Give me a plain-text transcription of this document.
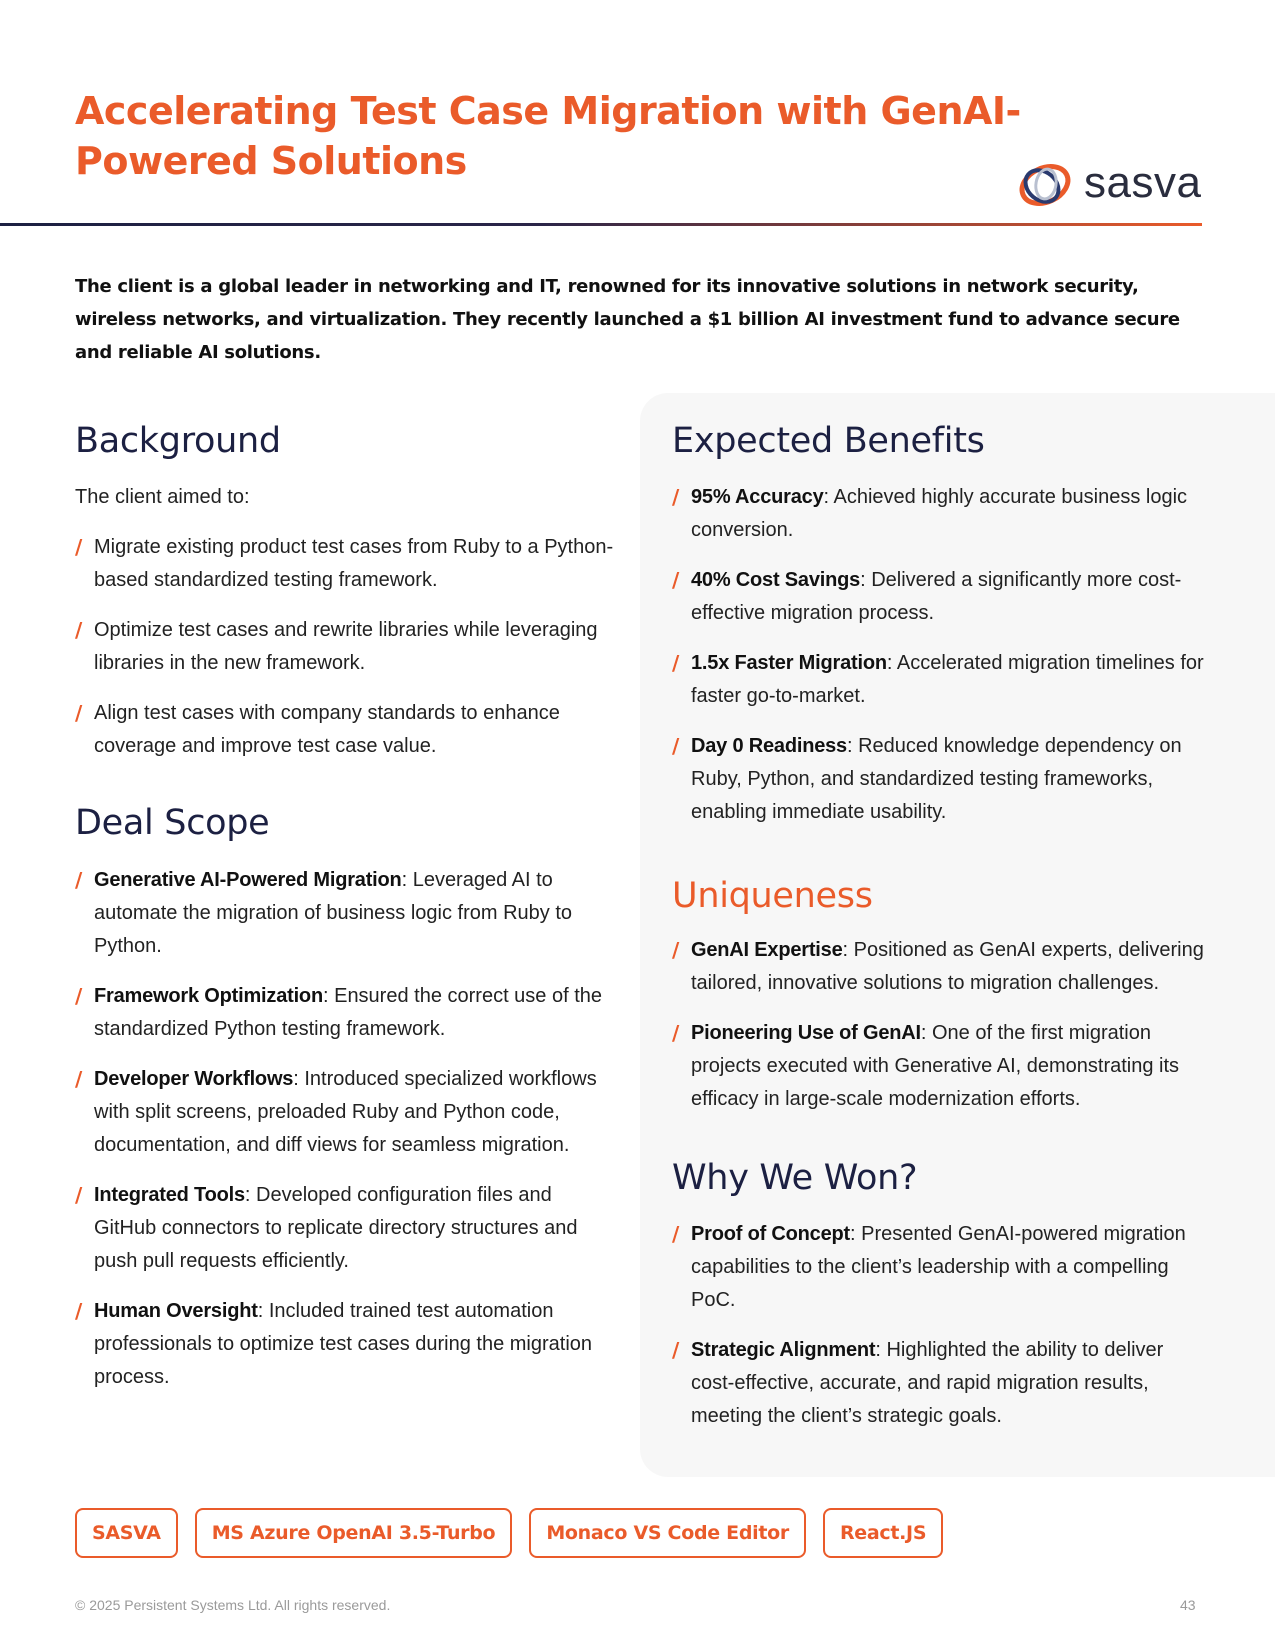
Accelerating Test Case Migration with GenAI-Powered Solutions	sasva

The client is a global leader in networking and IT, renowned for its innovative solutions in network security, wireless networks, and virtualization. They recently launched a $1 billion AI investment fund to advance secure and reliable AI solutions.

Background

The client aimed to:

/ Migrate existing product test cases from Ruby to a Python-based standardized testing framework.
/ Optimize test cases and rewrite libraries while leveraging libraries in the new framework.
/ Align test cases with company standards to enhance coverage and improve test case value.
Deal Scope
/ Generative AI-Powered Migration: Leveraged AI to automate the migration of business logic from Ruby to Python.
/ Framework Optimization: Ensured the correct use of the standardized Python testing framework.
/ Developer Workflows: Introduced specialized workflows with split screens, preloaded Ruby and Python code, documentation, and diff views for seamless migration.
/ Integrated Tools: Developed configuration files and GitHub connectors to replicate directory structures and push pull requests efficiently.
/ Human Oversight: Included trained test automation professionals to optimize test cases during the migration process.
Expected Benefits
/ 95% Accuracy: Achieved highly accurate business logic conversion.
/ 40% Cost Savings: Delivered a significantly more cost-effective migration process.
/ 1.5x Faster Migration: Accelerated migration timelines for faster go-to-market.
/ Day 0 Readiness: Reduced knowledge dependency on Ruby, Python, and standardized testing frameworks, enabling immediate usability.
Uniqueness
/ GenAI Expertise: Positioned as GenAI experts, delivering tailored, innovative solutions to migration challenges.
/ Pioneering Use of GenAI: One of the first migration projects executed with Generative AI, demonstrating its efficacy in large-scale modernization efforts.
Why We Won?
/ Proof of Concept: Presented GenAI-powered migration capabilities to the client’s leadership with a compelling PoC.
/ Strategic Alignment: Highlighted the ability to deliver cost-effective, accurate, and rapid migration results, meeting the client’s strategic goals.
SASVA	MS Azure OpenAI 3.5-Turbo	Monaco VS Code Editor	React.JS
© 2025 Persistent Systems Ltd. All rights reserved.	43
